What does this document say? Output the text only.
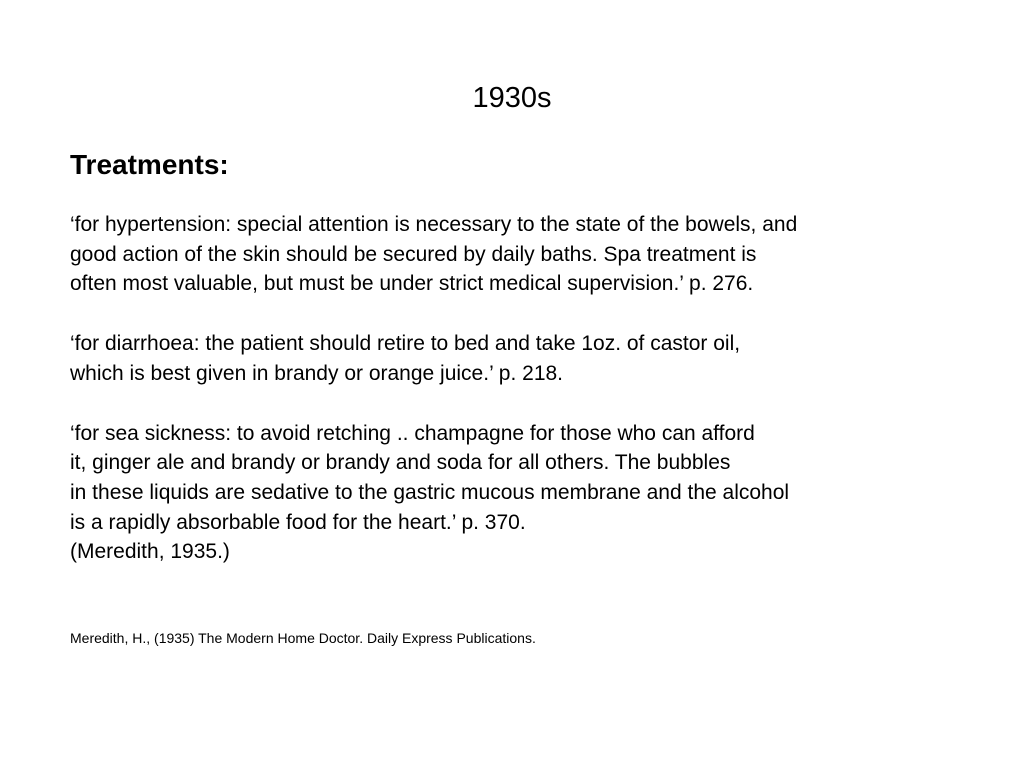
1930s
Treatments:
‘for hypertension: special attention is necessary to the state of the bowels, and
good action of the skin should be secured by daily baths. Spa treatment is
often most valuable, but must be under strict medical supervision.’ p. 276.
‘for diarrhoea: the patient should retire to bed and take 1oz. of castor oil,
which is best given in brandy or orange juice.’ p. 218.
‘for sea sickness: to avoid retching .. champagne for those who can afford
it, ginger ale and brandy or brandy and soda for all others. The bubbles
in these liquids are sedative to the gastric mucous membrane and the alcohol
is a rapidly absorbable food for the heart.’ p. 370.
(Meredith, 1935.)
Meredith, H., (1935) The Modern Home Doctor. Daily Express Publications.
